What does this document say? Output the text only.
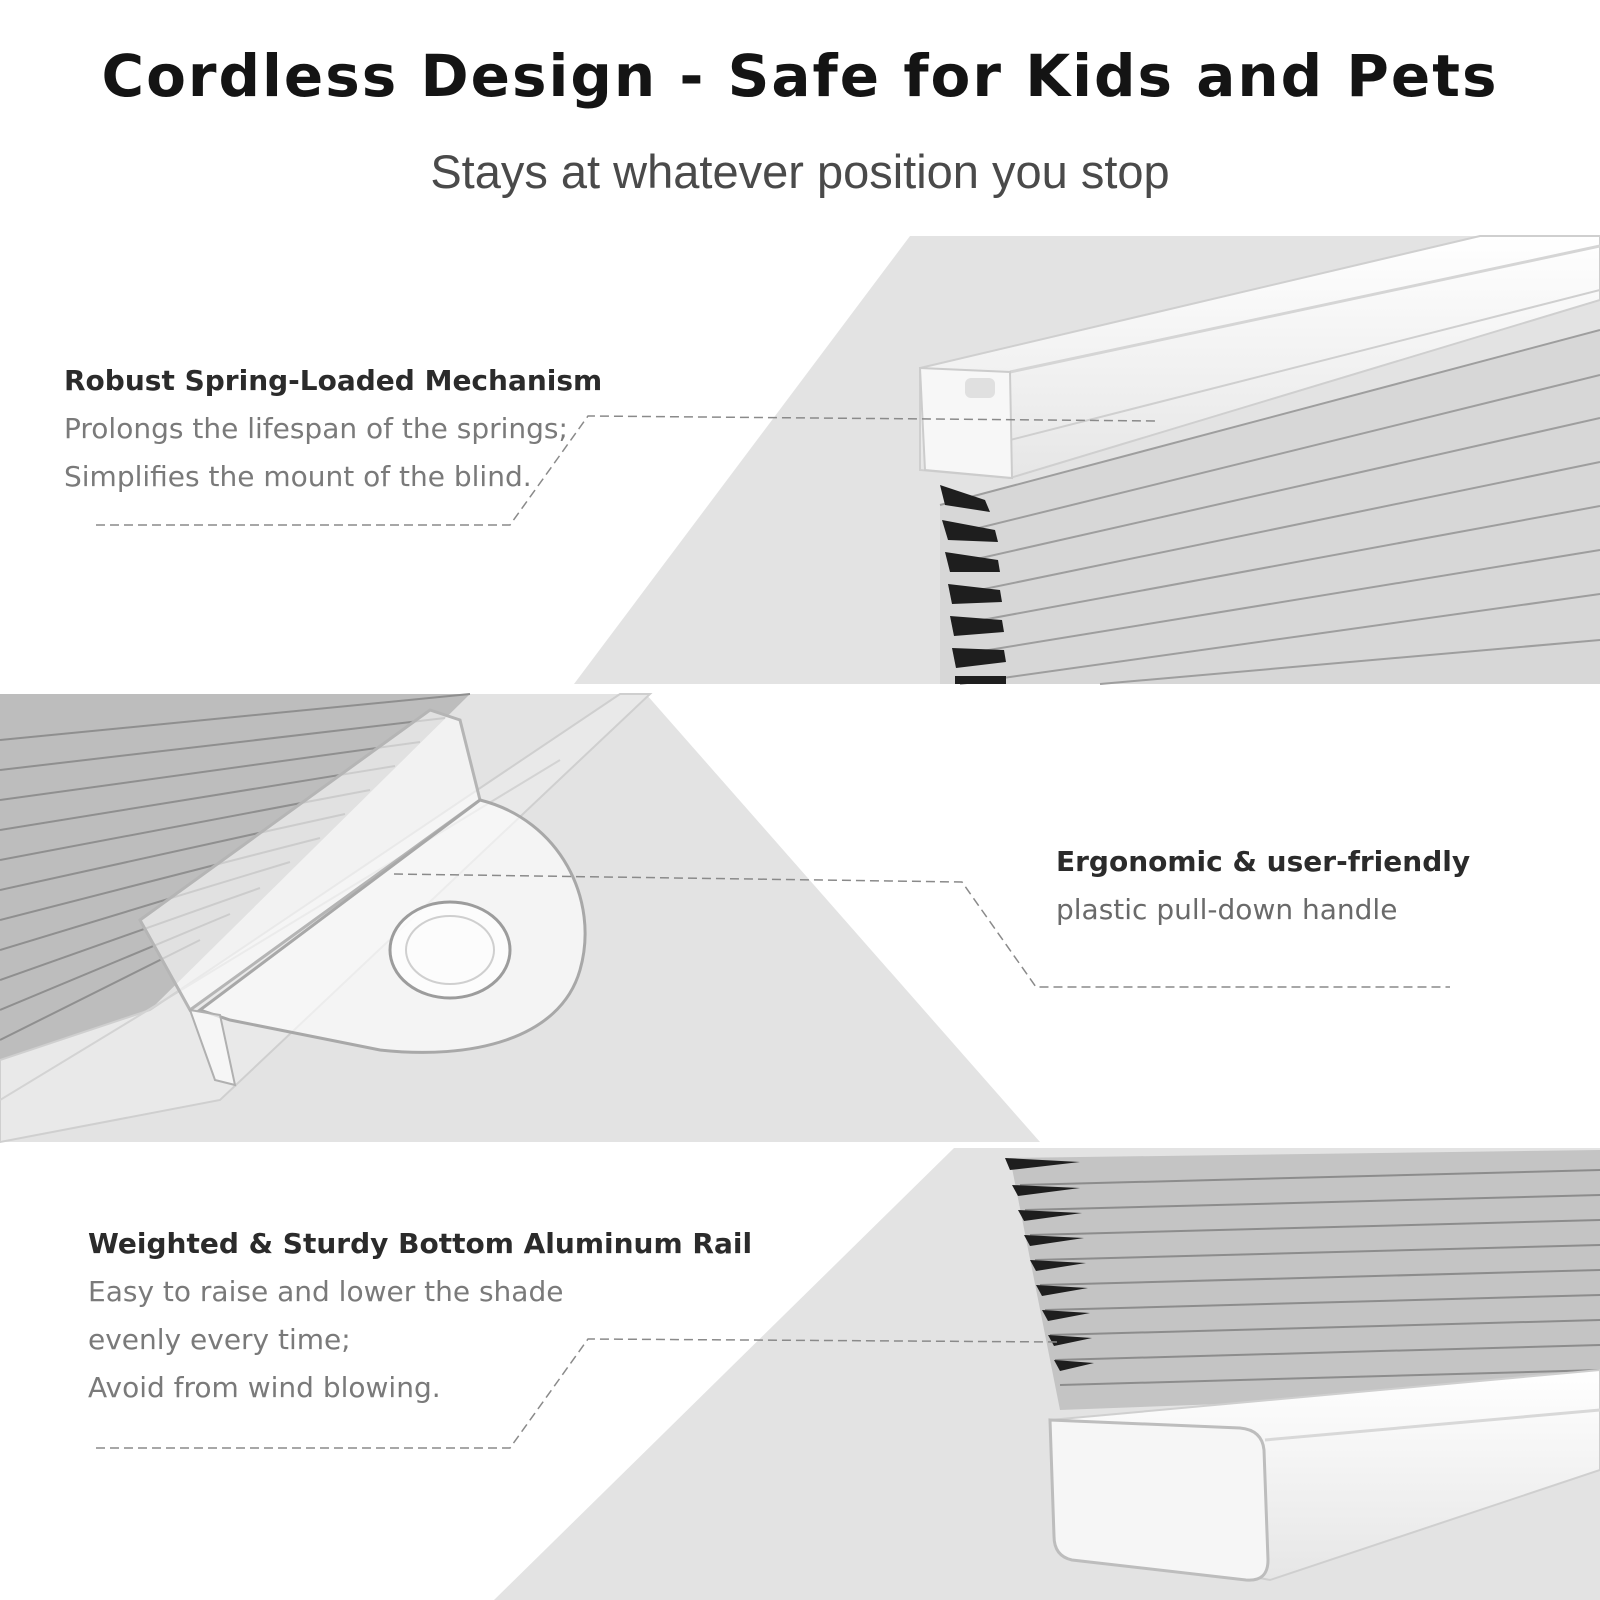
Cordless Design - Safe for Kids and Pets
Stays at whatever position you stop
Robust Spring-Loaded Mechanism
Prolongs the lifespan of the springs;
Simplifies the mount of the blind.
Ergonomic & user-friendly
plastic pull-down handle
Weighted & Sturdy Bottom Aluminum Rail
Easy to raise and lower the shade
evenly every time;
Avoid from wind blowing.
